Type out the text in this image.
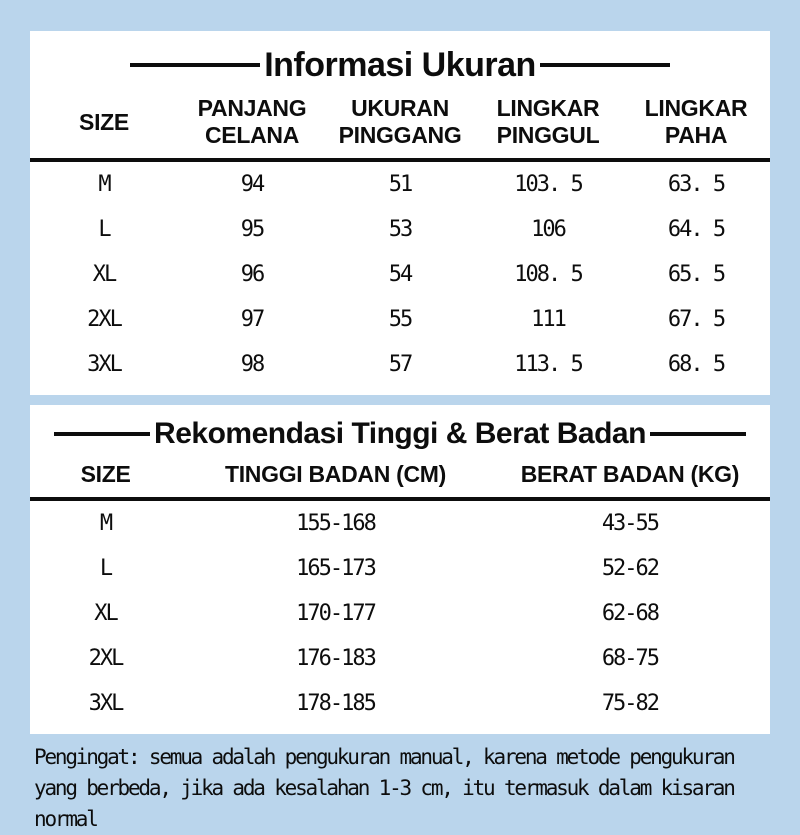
Informasi Ukuran
SIZE	PANJANG CELANA	UKURAN PINGGANG	LINGKAR PINGGUL	LINGKAR PAHA
M	94	51	103. 5	63. 5
L	95	53	106	64. 5
XL	96	54	108. 5	65. 5
2XL	97	55	111	67. 5
3XL	98	57	113. 5	68. 5
Rekomendasi Tinggi & Berat Badan
SIZE	TINGGI BADAN (CM)	BERAT BADAN (KG)
M	155-168	43-55
L	165-173	52-62
XL	170-177	62-68
2XL	176-183	68-75
3XL	178-185	75-82
Pengingat: semua adalah pengukuran manual, karena metode pengukuran
yang berbeda, jika ada kesalahan 1-3 cm, itu termasuk dalam kisaran
normal
